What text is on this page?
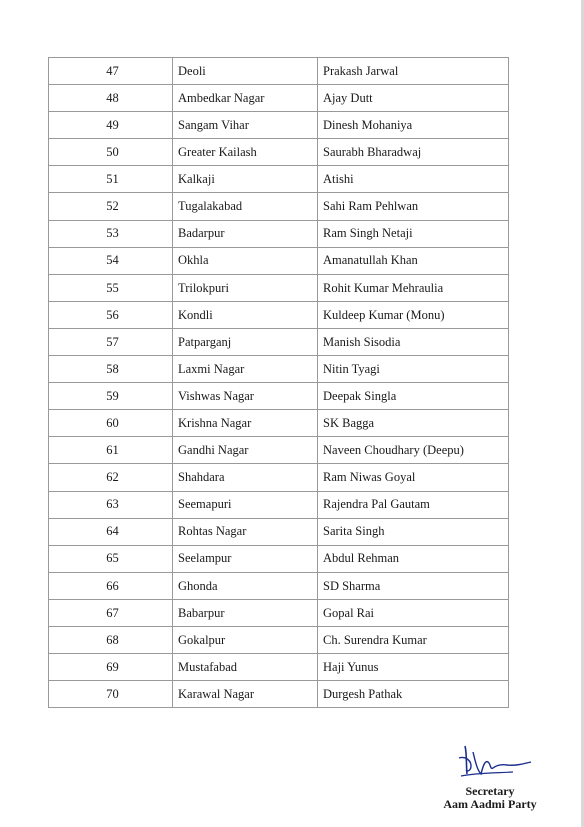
47	Deoli	Prakash Jarwal
48	Ambedkar Nagar	Ajay Dutt
49	Sangam Vihar	Dinesh Mohaniya
50	Greater Kailash	Saurabh Bharadwaj
51	Kalkaji	Atishi
52	Tugalakabad	Sahi Ram Pehlwan
53	Badarpur	Ram Singh Netaji
54	Okhla	Amanatullah Khan
55	Trilokpuri	Rohit Kumar Mehraulia
56	Kondli	Kuldeep Kumar (Monu)
57	Patparganj	Manish Sisodia
58	Laxmi Nagar	Nitin Tyagi
59	Vishwas Nagar	Deepak Singla
60	Krishna Nagar	SK Bagga
61	Gandhi Nagar	Naveen Choudhary (Deepu)
62	Shahdara	Ram Niwas Goyal
63	Seemapuri	Rajendra Pal Gautam
64	Rohtas Nagar	Sarita Singh
65	Seelampur	Abdul Rehman
66	Ghonda	SD Sharma
67	Babarpur	Gopal Rai
68	Gokalpur	Ch. Surendra Kumar
69	Mustafabad	Haji Yunus
70	Karawal Nagar	Durgesh Pathak
Secretary
Aam Aadmi Party
